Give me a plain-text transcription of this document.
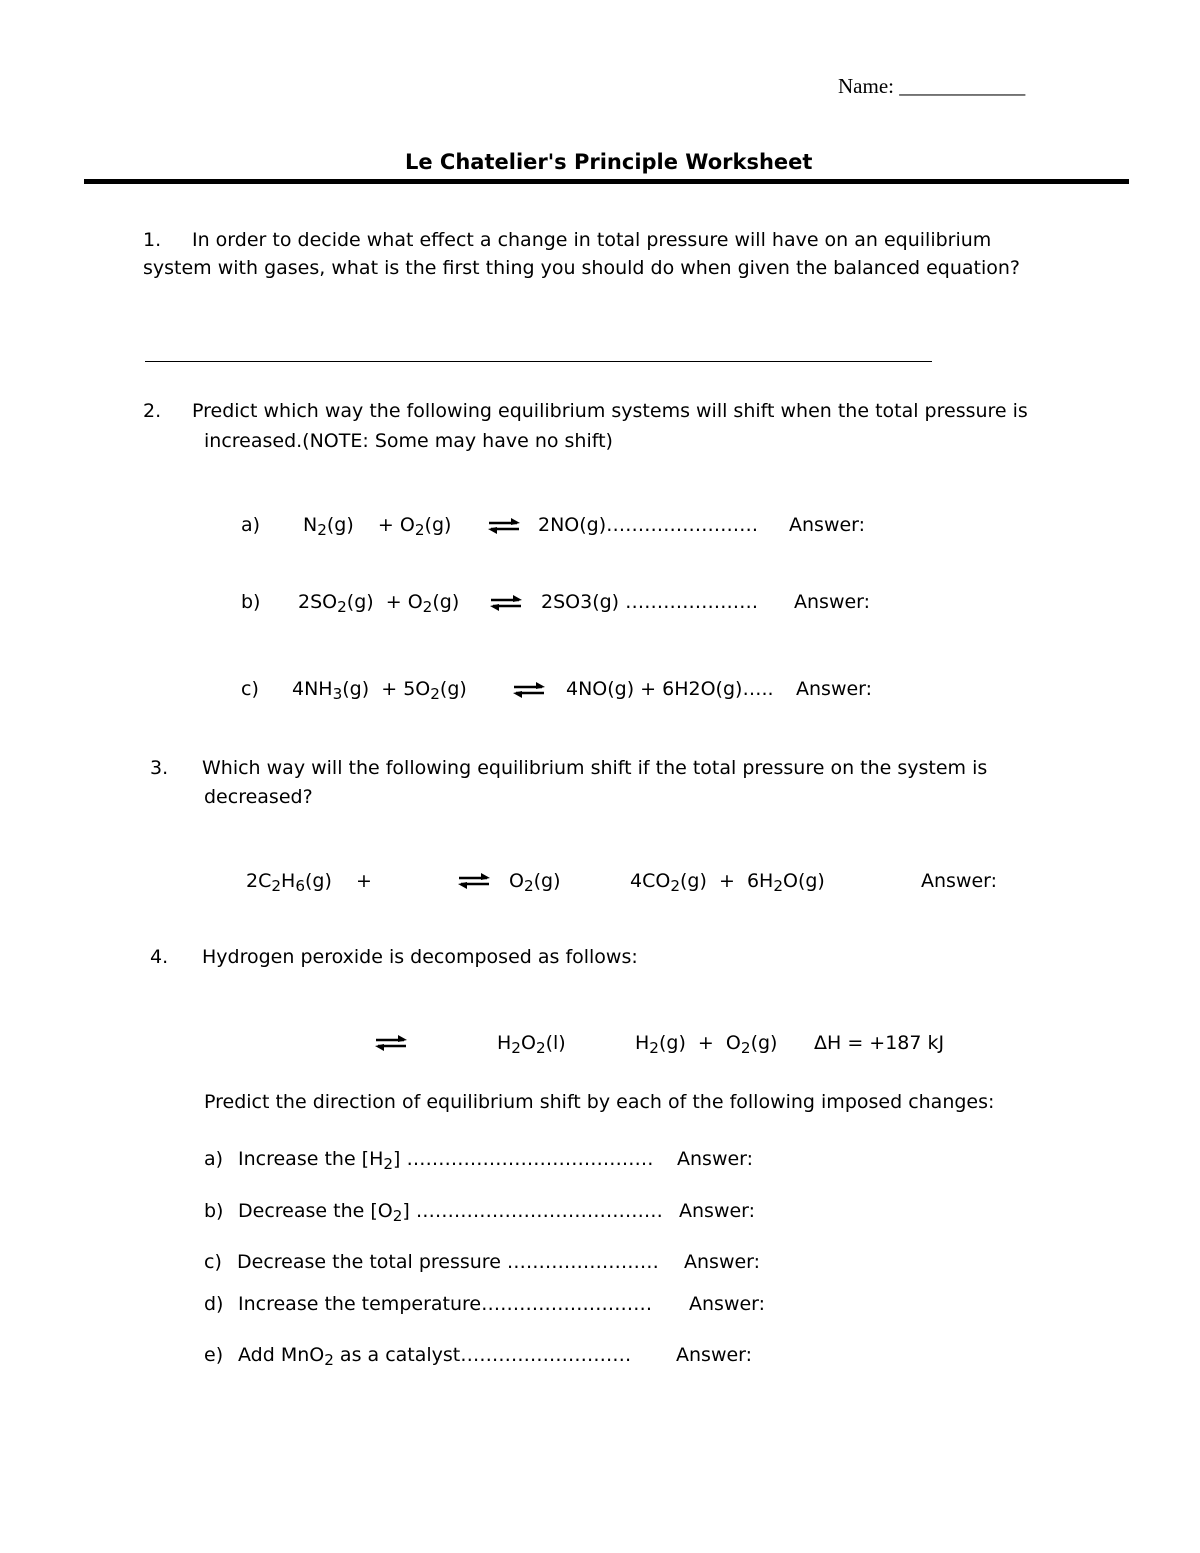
Name: ____________
Le Chatelier's Principle Worksheet
1. In order to decide what effect a change in total pressure will have on an equilibrium
system with gases, what is the first thing you should do when given the balanced equation?
2. Predict which way the following equilibrium systems will shift when the total pressure is
increased.(NOTE: Some may have no shift)
a) $N_2(g)$    + $O_2(g)$	2NO(g)…………………… Answer:
b) $2SO_2(g) + O_2(g)$	2SO3(g) ………………… Answer:
c) $4NH_3(g) + 5O_2(g)$	4NO(g) + 6H2O(g)….. Answer:
3. Which way will the following equilibrium shift if the total pressure on the system is
decreased?
$2C_2H_6(g)$    +	$O_2(g)$	$4CO_2(g) + 6H_2O(g)$	Answer:
4. Hydrogen peroxide is decomposed as follows:
$H_2O_2(l)$	$H_2(g) + O_2(g) \Delta H = +187$ kJ
Predict the direction of equilibrium shift by each of the following imposed changes:
a) Increase the $[H_2]$ ………………………………… Answer:
b) Decrease the $[O_2]$ ………………………………… Answer:
c) Decrease the total pressure …………………… Answer:
d) Increase the temperature……………………… Answer:
e) Add MnO$_2$ as a catalyst……………………… Answer:
